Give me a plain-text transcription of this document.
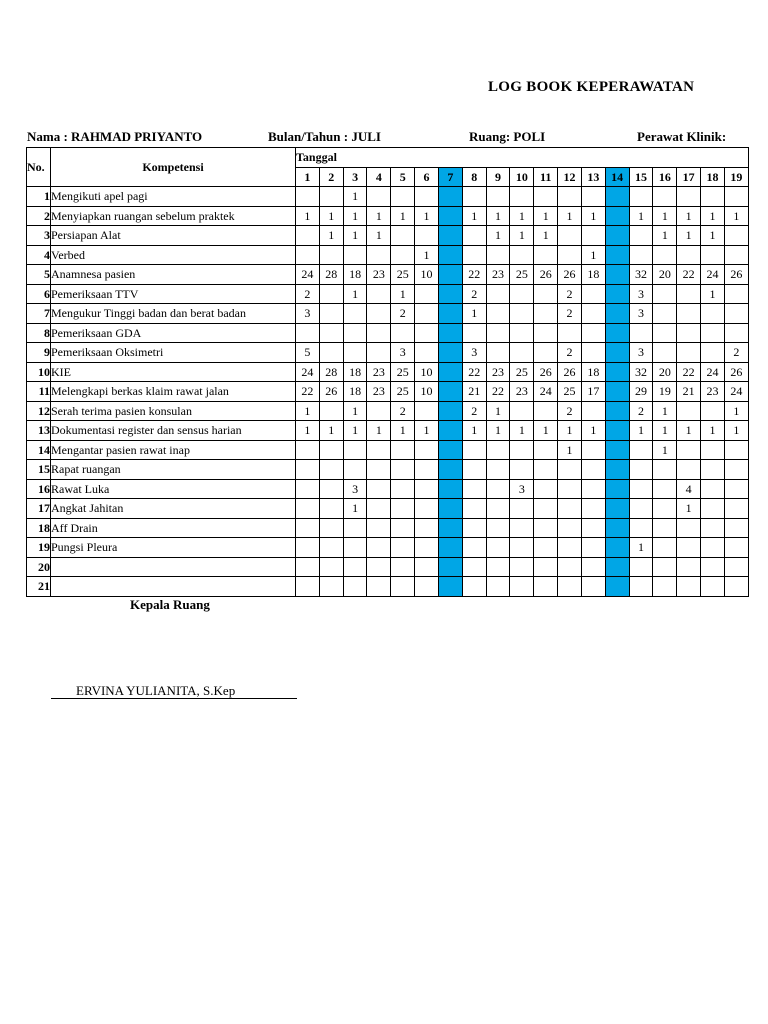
LOG BOOK KEPERAWATAN
Nama : RAHMAD PRIYANTO	Bulan/Tahun : JULI	Ruang: POLI	Perawat Klinik:
No.	Kompetensi	Tanggal																		
		1	2	3	4	5	6	7	8	9	10	11	12	13	14	15	16	17	18	19
1	Mengikuti apel pagi			1																
2	Menyiapkan ruangan sebelum praktek	1	1	1	1	1	1		1	1	1	1	1	1		1	1	1	1	1
3	Persiapan Alat		1	1	1					1	1	1					1	1	1	
4	Verbed						1							1						
5	Anamnesa pasien	24	28	18	23	25	10		22	23	25	26	26	18		32	20	22	24	26
6	Pemeriksaan TTV	2		1		1			2				2			3			1	
7	Mengukur Tinggi badan dan berat badan	3				2			1				2			3				
8	Pemeriksaan GDA																			
9	Pemeriksaan Oksimetri	5				3			3				2			3				2
10	KIE	24	28	18	23	25	10		22	23	25	26	26	18		32	20	22	24	26
11	Melengkapi berkas klaim rawat jalan	22	26	18	23	25	10		21	22	23	24	25	17		29	19	21	23	24
12	Serah terima pasien konsulan	1		1		2			2	1			2			2	1			1
13	Dokumentasi register dan sensus harian	1	1	1	1	1	1		1	1	1	1	1	1		1	1	1	1	1
14	Mengantar pasien rawat inap												1				1			
15	Rapat ruangan																			
16	Rawat Luka			3							3							4		
17	Angkat Jahitan			1														1		
18	Aff Drain																			
19	Pungsi Pleura															1				
20																				
21																				
Kepala Ruang
ERVINA YULIANITA, S.Kep
